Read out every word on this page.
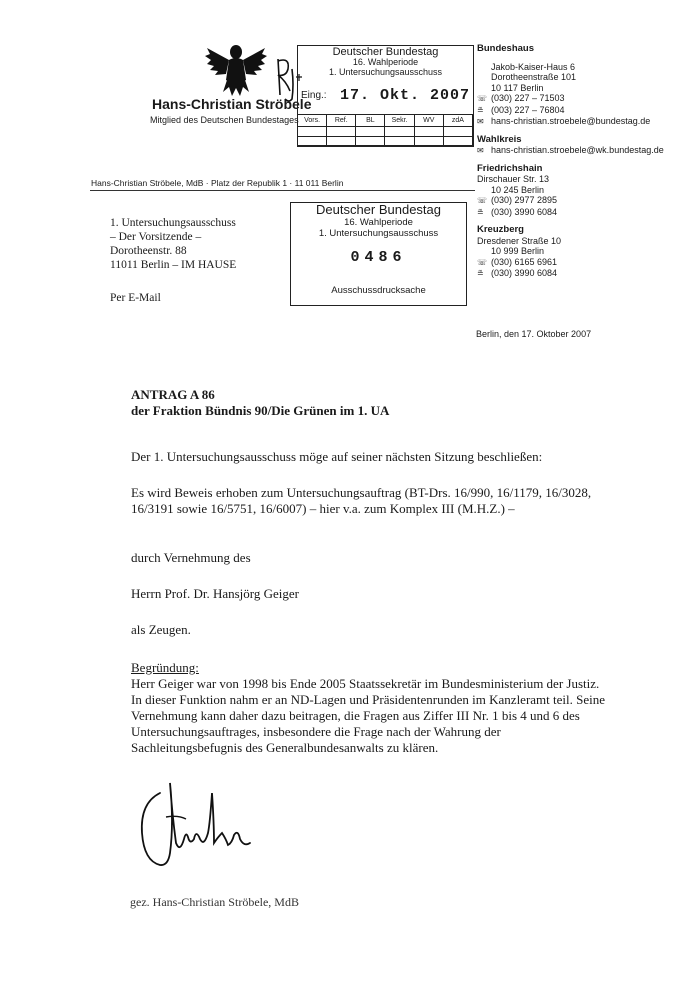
Hans-Christian Ströbele
Mitglied des Deutschen Bundestages
Deutscher Bundestag
16. Wahlperiode
1. Untersuchungsausschuss
Eing.: 17. Okt. 2007
Vors.	Ref.	BL	Sekr.	WV	zdA
Bundeshaus
Jakob-Kaiser-Haus 6
Dorotheenstraße 101
10 117 Berlin
☏ (030) 227 – 71503
≞ (003) 227 – 76804
✉ hans-christian.stroebele@bundestag.de
Wahlkreis
✉ hans-christian.stroebele@wk.bundestag.de
Friedrichshain
Dirschauer Str. 13
10 245 Berlin
☏ (030) 2977 2895
≞ (030) 3990 6084
Kreuzberg
Dresdener Straße 10
10 999 Berlin
☏ (030) 6165 6961
≞ (030) 3990 6084
Hans-Christian Ströbele, MdB · Platz der Republik 1 · 11 011 Berlin
1. Untersuchungsausschuss
– Der Vorsitzende –
Dorotheenstr. 88
11011 Berlin – IM HAUSE
Per E-Mail
Deutscher Bundestag
16. Wahlperiode
1. Untersuchungsausschuss
0486
Ausschussdrucksache
Berlin, den 17. Oktober 2007
ANTRAG A 86
der Fraktion Bündnis 90/Die Grünen im 1. UA
Der 1. Untersuchungsausschuss möge auf seiner nächsten Sitzung beschließen:
Es wird Beweis erhoben zum Untersuchungsauftrag (BT-Drs. 16/990, 16/1179, 16/3028, 16/3191 sowie 16/5751, 16/6007) – hier v.a. zum Komplex III (M.H.Z.) –
durch Vernehmung des
Herrn Prof. Dr. Hansjörg Geiger
als Zeugen.
Begründung:
Herr Geiger war von 1998 bis Ende 2005 Staatssekretär im Bundesministerium der Justiz. In dieser Funktion nahm er an ND-Lagen und Präsidentenrunden im Kanzleramt teil. Seine Vernehmung kann daher dazu beitragen, die Fragen aus Ziffer III Nr. 1 bis 4 und 6 des Untersuchungsauftrages, insbesondere die Frage nach der Wahrung der Sachleitungsbefugnis des Generalbundesanwalts zu klären.
gez. Hans-Christian Ströbele, MdB
